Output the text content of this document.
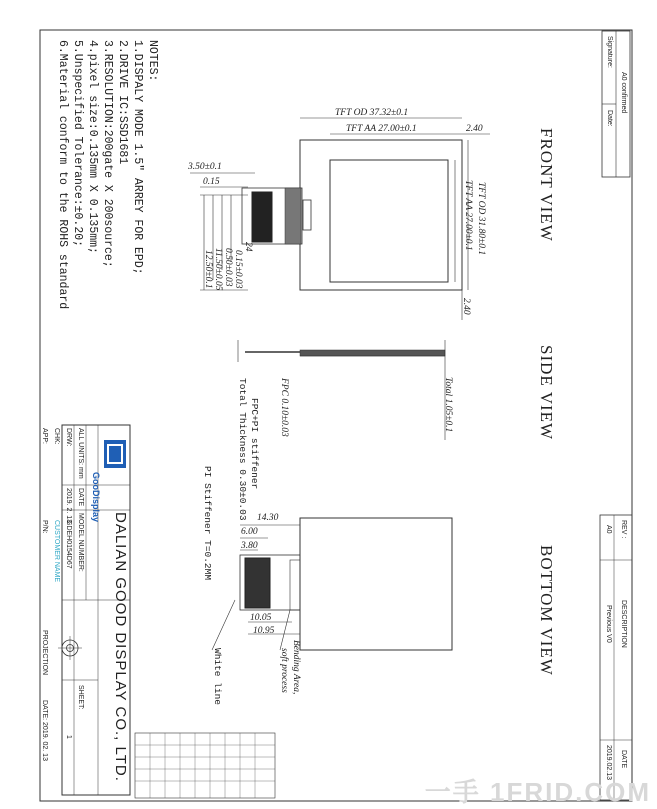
NOTES:
1.DISPALY MODE 1.5" ARREY FOR EPD;
2.DRIVE IC:SSD1681
3.RESOLUTION:200gate X 200source;
4.pixel size:0.135mm X 0.135mm;
5.Unspecified Tolerance:±0.20;
6.Material conform to the ROHS standard	FRONT VIEW
SIDE VIEW
BOTTOM VIEW
TFT OD 37.32±0.1
TFT AA 27.00±0.1	2.40
TFT OD 31.80±0.1
TFT AA 27.00±0.1
2.40
3.50±0.1
0.15
24
0.15±0.03
0.50±0.03
11.50±0.05
12.50±0.1
Total 1.05±0.1
FPC 0.10±0.03
FPC+PI stiffener
Total Thickness 0.30±0.03 14.30
6.00
3.80
10.05
10.95
PI Stiffener T=0.2MM
Bending Area,
soft process
White line
A0 confirmed
Signature:
Date:
REV :
A0
DESCRIPTION
Previous V0
DATE
2019.02.13
GooDisplay
DALIAN GOOD DISPLAY CO., LTD.
ALL UNITS: mm
DATE
MODEL NUMBER:
GDEH0154D67
DRW:
CHK:
APP:
2019. 2. 13
CUSTOMER NAME
P/N:
SHEET:
1
PROJECTION
DATE: 2019. 02. 13
一手 1FRID.COM
